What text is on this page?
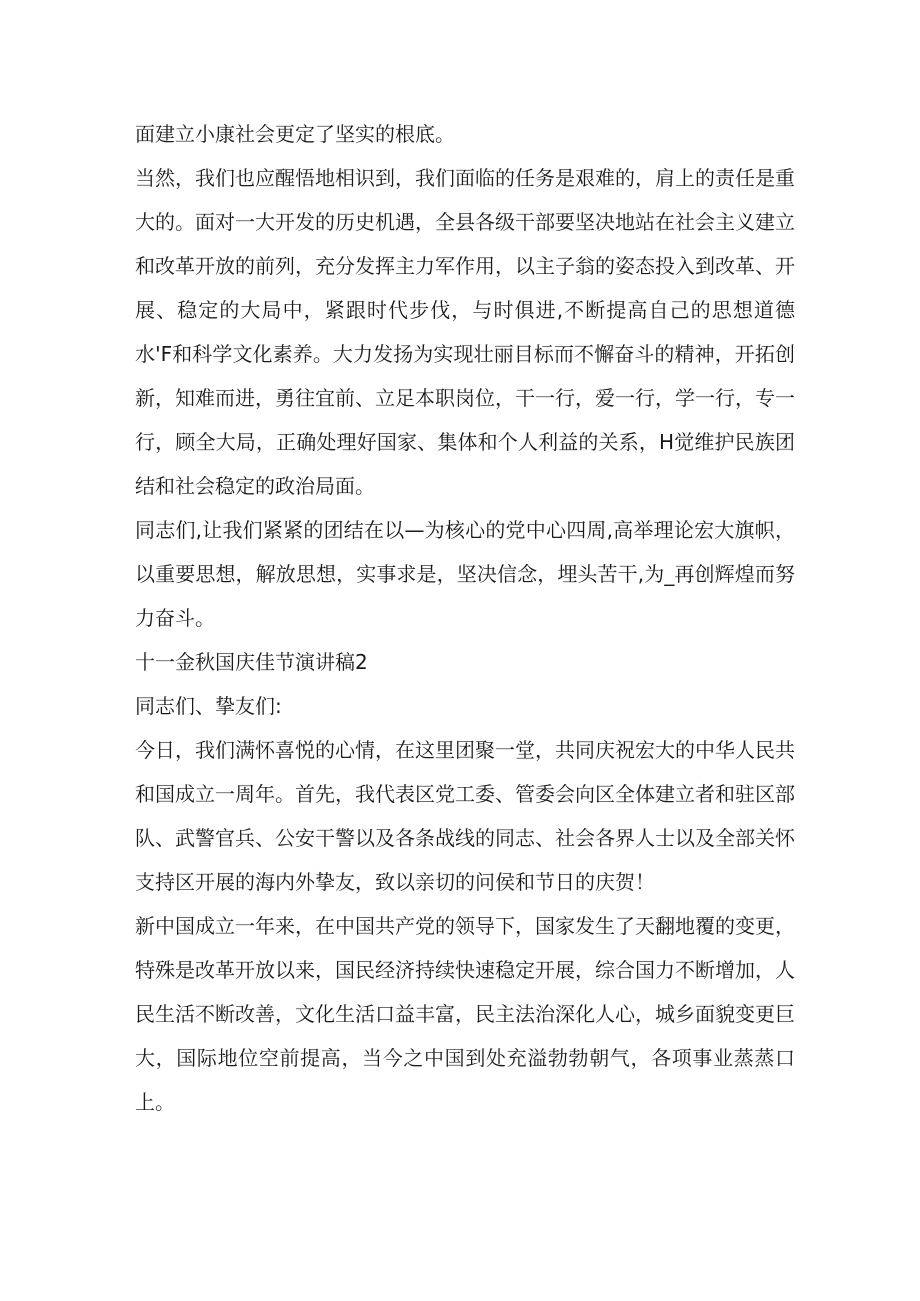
面建立小康社会更定了坚实的根底。

当然，我们也应醒悟地相识到，我们面临的任务是艰难的，肩上的责任是重大的。面对一大开发的历史机遇，全县各级干部要坚决地站在社会主义建立和改革开放的前列，充分发挥主力军作用，以主子翁的姿态投入到改革、开展、稳定的大局中，紧跟时代步伐，与时俱进,不断提高自己的思想道德水'F和科学文化素养。大力发扬为实现壮丽目标而不懈奋斗的精神，开拓创新，知难而进，勇往宜前、立足本职岗位，干一行，爱一行，学一行，专一行，顾全大局，正确处理好国家、集体和个人利益的关系，H觉维护民族团结和社会稳定的政治局面。

同志们,让我们紧紧的团结在以—为核心的党中心四周,高举理论宏大旗帜，以重要思想，解放思想，实事求是，坚决信念，埋头苦干,为_再创辉煌而努力奋斗。

十一金秋国庆佳节演讲稿2

同志们、挚友们:

今日，我们满怀喜悦的心情，在这里团聚一堂，共同庆祝宏大的中华人民共和国成立一周年。首先，我代表区党工委、管委会向区全体建立者和驻区部队、武警官兵、公安干警以及各条战线的同志、社会各界人士以及全部关怀支持区开展的海内外挚友，致以亲切的问侯和节日的庆贺！

新中国成立一年来，在中国共产党的领导下，国家发生了天翻地覆的变更，特殊是改革开放以来，国民经济持续快速稳定开展，综合国力不断增加，人民生活不断改善，文化生活口益丰富，民主法治深化人心，城乡面貌变更巨大，国际地位空前提高，当今之中国到处充溢勃勃朝气，各项事业蒸蒸口上。
